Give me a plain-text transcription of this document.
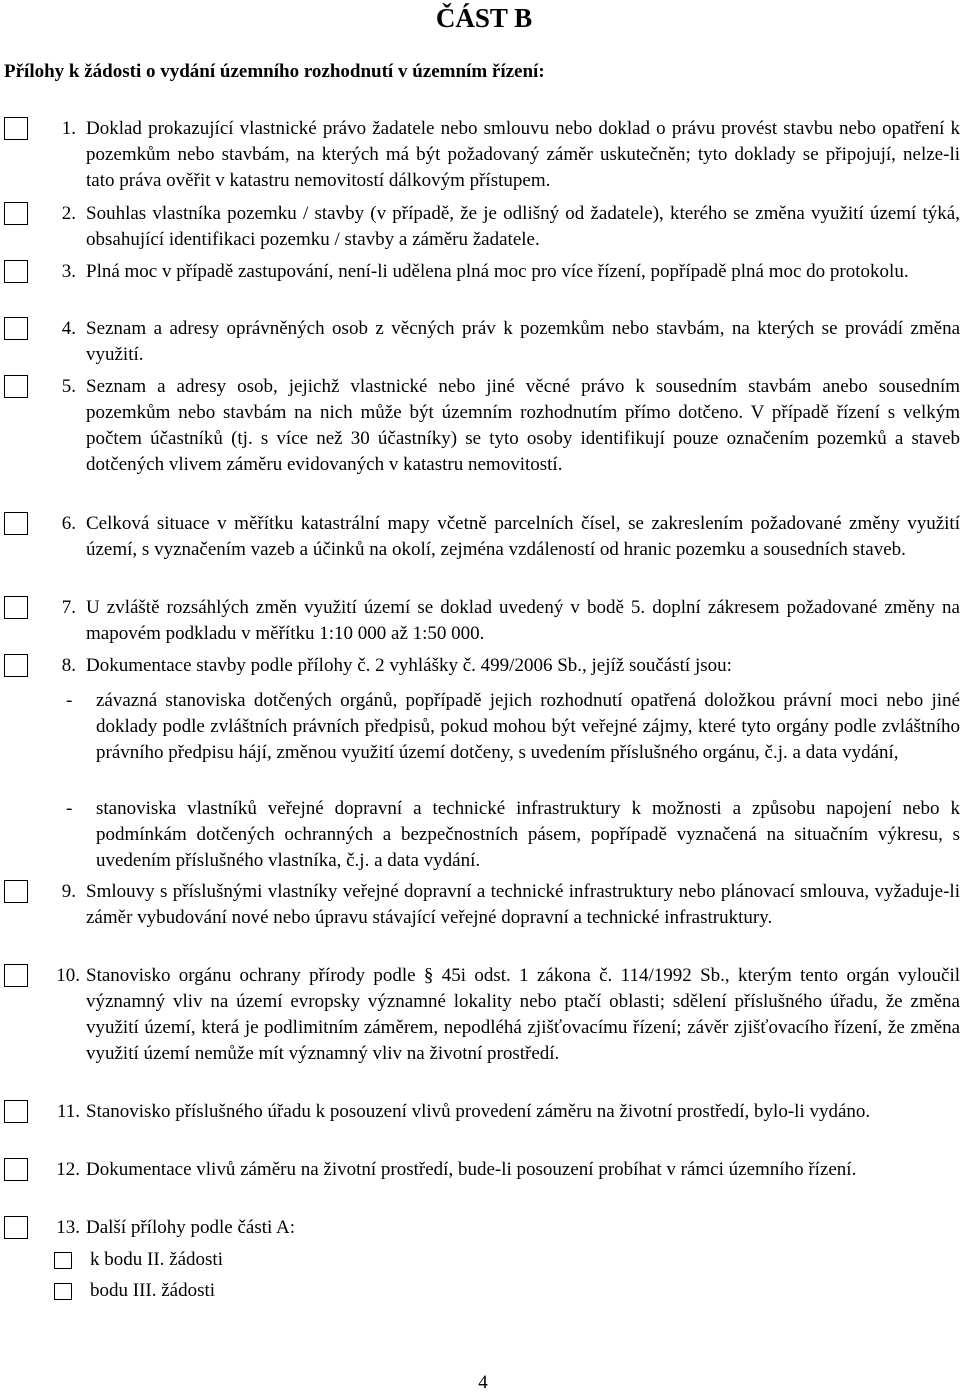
ČÁST B
Přílohy k žádosti o vydání územního rozhodnutí v územním řízení:
1. Doklad prokazující vlastnické právo žadatele nebo smlouvu nebo doklad o právu provést stavbu nebo opatření k pozemkům nebo stavbám, na kterých má být požadovaný záměr uskutečněn; tyto doklady se připojují, nelze-li tato práva ověřit v katastru nemovitostí dálkovým přístupem.

2. Souhlas vlastníka pozemku / stavby (v případě, že je odlišný od žadatele), kterého se změna využití území týká, obsahující identifikaci pozemku / stavby a záměru žadatele.

3. Plná moc v případě zastupování, není-li udělena plná moc pro více řízení, popřípadě plná moc do protokolu.

4. Seznam a adresy oprávněných osob z věcných práv k pozemkům nebo stavbám, na kterých se provádí změna využití.

5. Seznam a adresy osob, jejichž vlastnické nebo jiné věcné právo k sousedním stavbám anebo sousedním pozemkům nebo stavbám na nich může být územním rozhodnutím přímo dotčeno. V případě řízení s velkým počtem účastníků (tj. s více než 30 účastníky) se tyto osoby identifikují pouze označením pozemků a staveb dotčených vlivem záměru evidovaných v katastru nemovitostí.

6. Celková situace v měřítku katastrální mapy včetně parcelních čísel, se zakreslením požadované změny využití území, s vyznačením vazeb a účinků na okolí, zejména vzdáleností od hranic pozemku a sousedních staveb.

7. U zvláště rozsáhlých změn využití území se doklad uvedený v bodě 5. doplní zákresem požadované změny na mapovém podkladu v měřítku 1:10 000 až 1:50 000.

8. Dokumentace stavby podle přílohy č. 2 vyhlášky č. 499/2006 Sb., jejíž součástí jsou:

- závazná stanoviska dotčených orgánů, popřípadě jejich rozhodnutí opatřená doložkou právní moci nebo jiné doklady podle zvláštních právních předpisů, pokud mohou být veřejné zájmy, které tyto orgány podle zvláštního právního předpisu hájí, změnou využití území dotčeny, s uvedením příslušného orgánu, č.j. a data vydání,

- stanoviska vlastníků veřejné dopravní a technické infrastruktury k možnosti a způsobu napojení nebo k podmínkám dotčených ochranných a bezpečnostních pásem, popřípadě vyznačená na situačním výkresu, s uvedením příslušného vlastníka, č.j. a data vydání.

9. Smlouvy s příslušnými vlastníky veřejné dopravní a technické infrastruktury nebo plánovací smlouva, vyžaduje-li záměr vybudování nové nebo úpravu stávající veřejné dopravní a technické infrastruktury.

10. Stanovisko orgánu ochrany přírody podle § 45i odst. 1 zákona č. 114/1992 Sb., kterým tento orgán vyloučil významný vliv na území evropsky významné lokality nebo ptačí oblasti; sdělení příslušného úřadu, že změna využití území, která je podlimitním záměrem, nepodléhá zjišťovacímu řízení; závěr zjišťovacího řízení, že změna využití území nemůže mít významný vliv na životní prostředí.

11. Stanovisko příslušného úřadu k posouzení vlivů provedení záměru na životní prostředí, bylo-li vydáno.

12. Dokumentace vlivů záměru na životní prostředí, bude-li posouzení probíhat v rámci územního řízení.

13. Další přílohy podle části A:

k bodu II. žádosti
bodu III. žádosti
4
